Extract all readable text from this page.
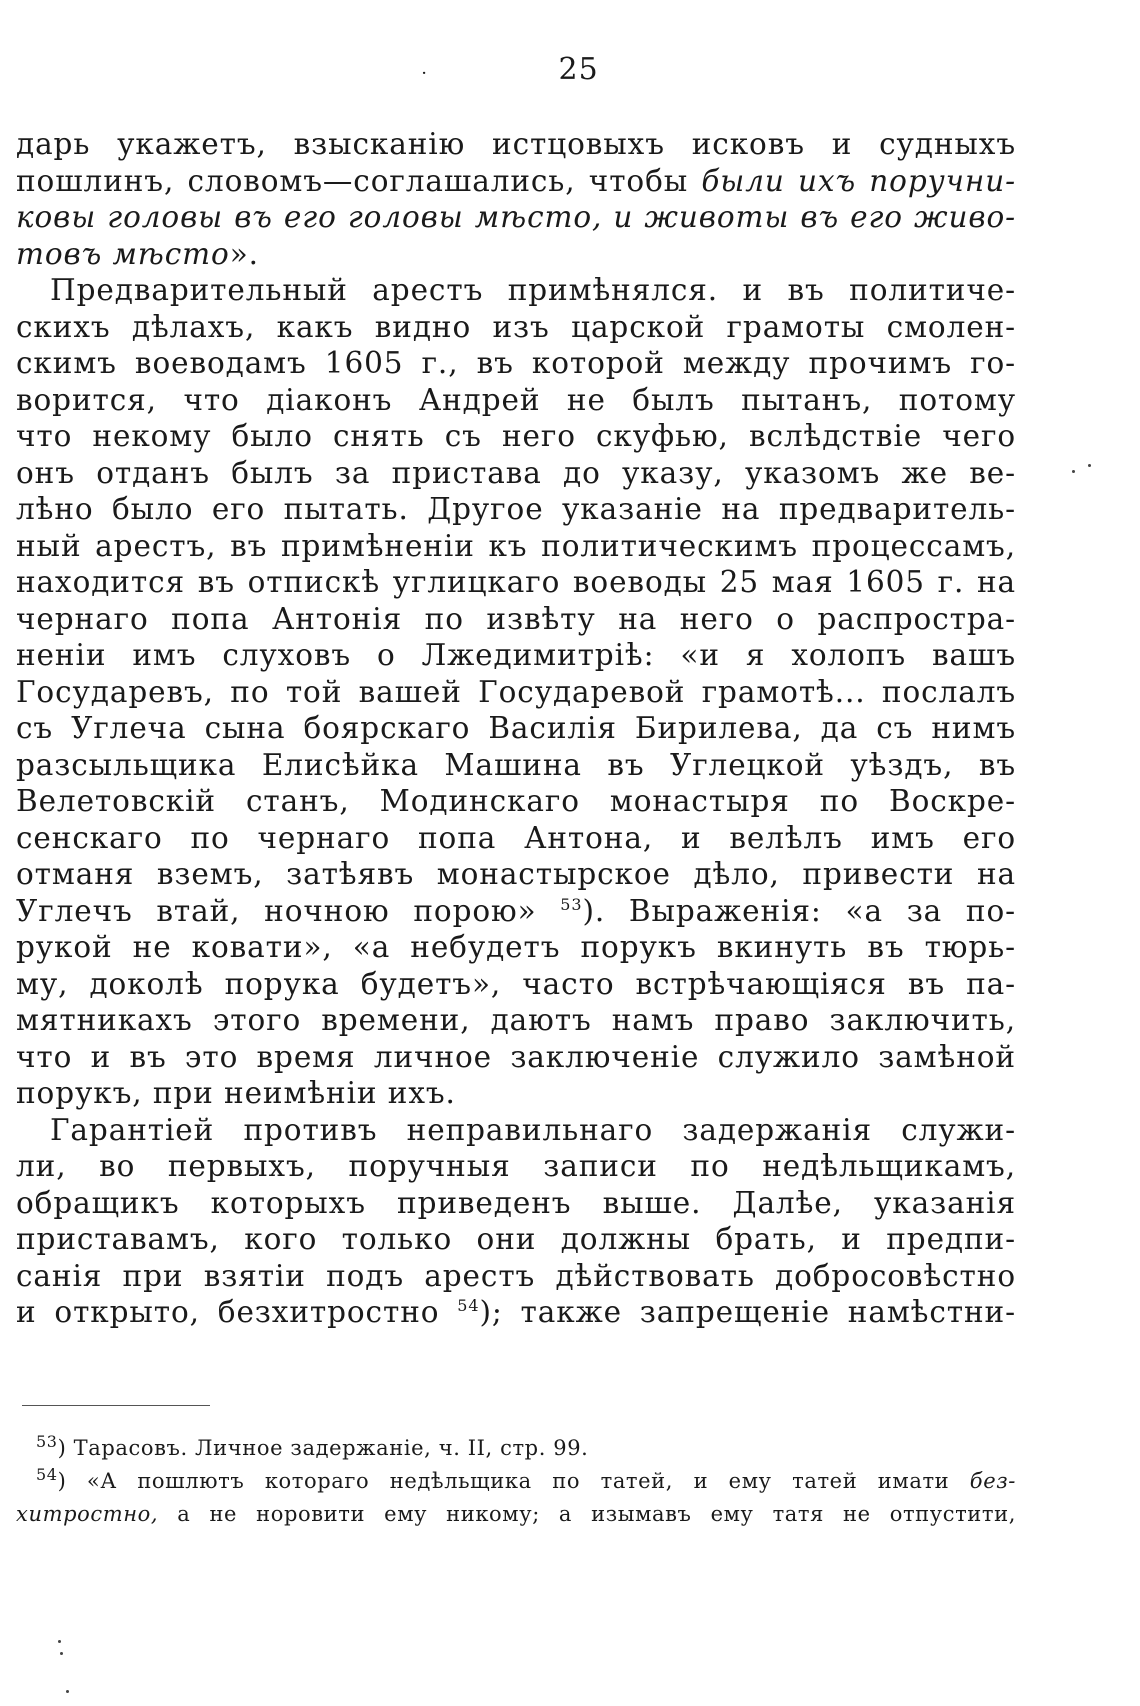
·	25
дарь укажетъ, взысканію истцовыхъ исковъ и судныхъ
пошлинъ, словомъ—соглашались, чтобы были ихъ поручни-
ковы головы въ его головы мѣсто, и животы въ его живо-
товъ мѣсто».
Предварительный арестъ примѣнялся. и въ политиче-
скихъ дѣлахъ, какъ видно изъ царской грамоты смолен-
скимъ воеводамъ 1605 г., въ которой между прочимъ го-
ворится, что діаконъ Андрей не былъ пытанъ, потому
что некому было снять съ него скуфью, вслѣдствіе чего
онъ отданъ былъ за пристава до указу, указомъ же ве-
лѣно было его пытать. Другое указаніе на предваритель-
ный арестъ, въ примѣненіи къ политическимъ процессамъ,
находится въ отпискѣ углицкаго воеводы 25 мая 1605 г. на
чернаго попа Антонія по извѣту на него о распростра-
неніи имъ слуховъ о Лжедимитріѣ: «и я холопъ вашъ
Государевъ, по той вашей Государевой грамотѣ... послалъ
съ Углеча сына боярскаго Василія Бирилева, да съ нимъ
разсыльщика Елисѣйка Машина въ Углецкой уѣздъ, въ
Велетовскій станъ, Модинскаго монастыря по Воскре-
сенскаго по чернаго попа Антона, и велѣлъ имъ его
отманя вземъ, затѣявъ монастырское дѣло, привести на
Углечъ втай, ночною порою» $^{53}$). Выраженія: «а за по-
рукой не ковати», «а небудетъ порукъ вкинуть въ тюрь-
му, доколѣ порука будетъ», часто встрѣчающіяся въ па-
мятникахъ этого времени, даютъ намъ право заключить,
что и въ это время личное заключеніе служило замѣной
порукъ, при неимѣніи ихъ.
Гарантіей противъ неправильнаго задержанія служи-
ли, во первыхъ, поручныя записи по недѣльщикамъ,
обращикъ которыхъ приведенъ выше. Далѣе, указанія
приставамъ, кого только они должны брать, и предпи-
санія при взятіи подъ арестъ дѣйствовать добросовѣстно
и открыто, безхитростно $^{54}$); также запрещеніе намѣстни-
$^{53}$) Тарасовъ. Личное задержаніе, ч. II, стр. 99.
$^{54}$) «А пошлютъ котораго недѣльщика по татей, и ему татей имати без-
хитростно, а не норовити ему никому; а изымавъ ему татя не отпустити,
